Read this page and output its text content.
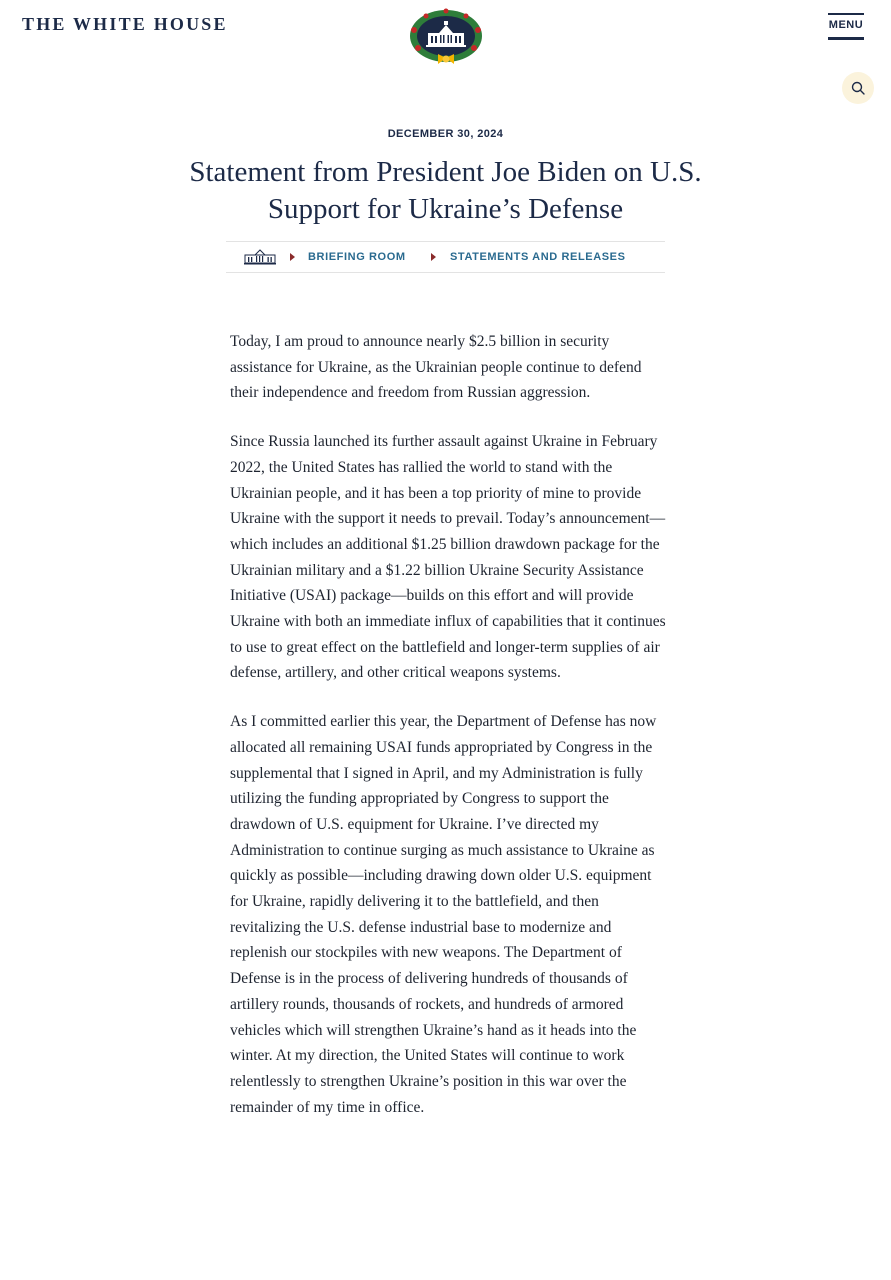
THE WHITE HOUSE	MENU
DECEMBER 30, 2024
Statement from President Joe Biden on U.S. Support for Ukraine’s Defense
BRIEFING ROOM	STATEMENTS AND RELEASES

Today, I am proud to announce nearly $2.5 billion in security assistance for Ukraine, as the Ukrainian people continue to defend their independence and freedom from Russian aggression.

Since Russia launched its further assault against Ukraine in February 2022, the United States has rallied the world to stand with the Ukrainian people, and it has been a top priority of mine to provide Ukraine with the support it needs to prevail. Today’s announcement—which includes an additional $1.25 billion drawdown package for the Ukrainian military and a $1.22 billion Ukraine Security Assistance Initiative (USAI) package—builds on this effort and will provide Ukraine with both an immediate influx of capabilities that it continues to use to great effect on the battlefield and longer-term supplies of air defense, artillery, and other critical weapons systems.

As I committed earlier this year, the Department of Defense has now allocated all remaining USAI funds appropriated by Congress in the supplemental that I signed in April, and my Administration is fully utilizing the funding appropriated by Congress to support the drawdown of U.S. equipment for Ukraine. I’ve directed my Administration to continue surging as much assistance to Ukraine as quickly as possible—including drawing down older U.S. equipment for Ukraine, rapidly delivering it to the battlefield, and then revitalizing the U.S. defense industrial base to modernize and replenish our stockpiles with new weapons. The Department of Defense is in the process of delivering hundreds of thousands of artillery rounds, thousands of rockets, and hundreds of armored vehicles which will strengthen Ukraine’s hand as it heads into the winter. At my direction, the United States will continue to work relentlessly to strengthen Ukraine’s position in this war over the remainder of my time in office.
